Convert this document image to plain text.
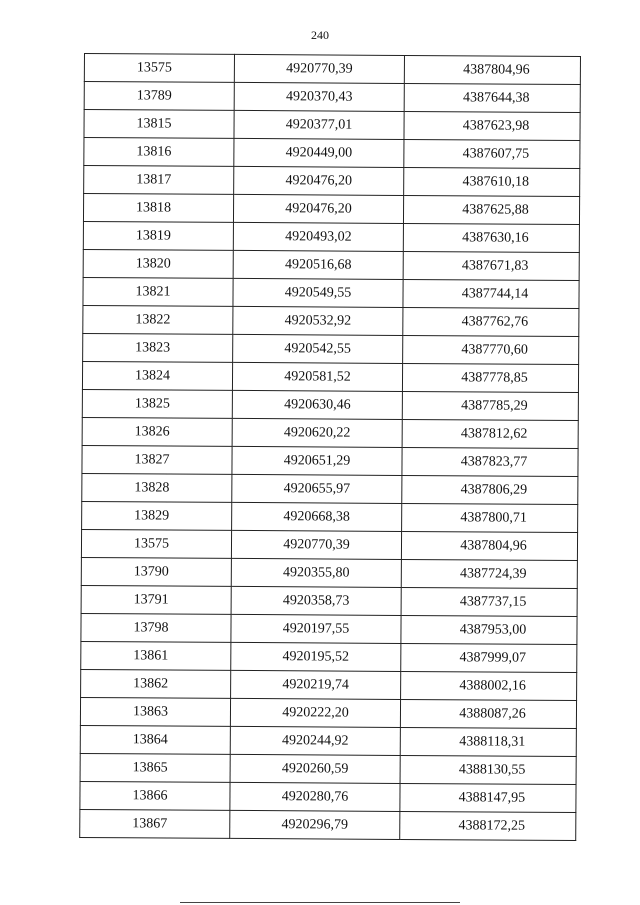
240
13575	4920770,39	4387804,96
13789	4920370,43	4387644,38
13815	4920377,01	4387623,98
13816	4920449,00	4387607,75
13817	4920476,20	4387610,18
13818	4920476,20	4387625,88
13819	4920493,02	4387630,16
13820	4920516,68	4387671,83
13821	4920549,55	4387744,14
13822	4920532,92	4387762,76
13823	4920542,55	4387770,60
13824	4920581,52	4387778,85
13825	4920630,46	4387785,29
13826	4920620,22	4387812,62
13827	4920651,29	4387823,77
13828	4920655,97	4387806,29
13829	4920668,38	4387800,71
13575	4920770,39	4387804,96
13790	4920355,80	4387724,39
13791	4920358,73	4387737,15
13798	4920197,55	4387953,00
13861	4920195,52	4387999,07
13862	4920219,74	4388002,16
13863	4920222,20	4388087,26
13864	4920244,92	4388118,31
13865	4920260,59	4388130,55
13866	4920280,76	4388147,95
13867	4920296,79	4388172,25
